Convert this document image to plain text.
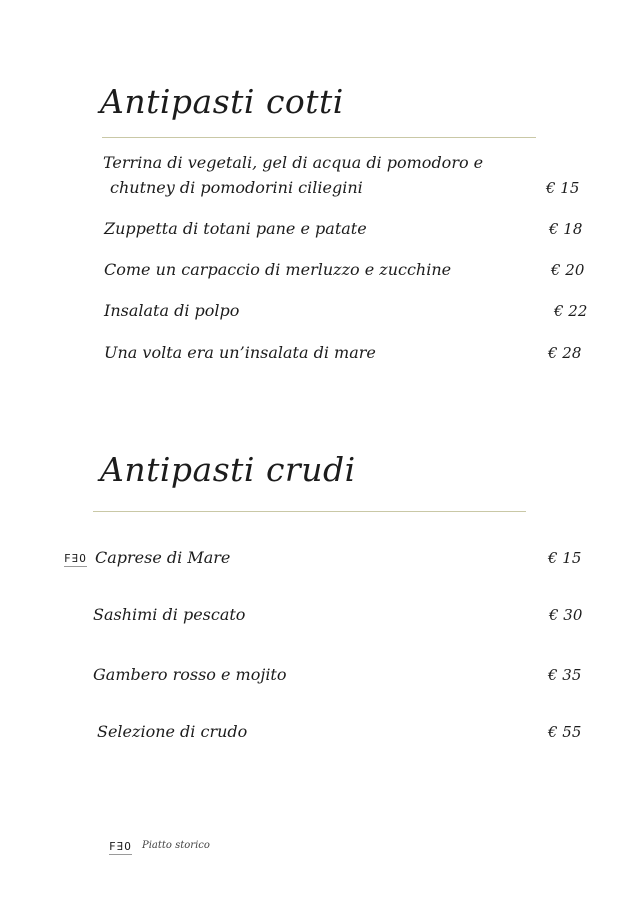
Antipasti cotti
Terrina di vegetali, gel di acqua di pomodoro e
chutney di pomodorini ciliegini	€ 15
Zuppetta di totani pane e patate	€ 18
Come un carpaccio di merluzzo e zucchine	€ 20
Insalata di polpo	€ 22
Una volta era un’insalata di mare	€ 28
Antipasti crudi
F∃O Caprese di Mare	€ 15
Sashimi di pescato	€ 30
Gambero rosso e mojito	€ 35
Selezione di crudo	€ 55
F∃O Piatto storico
